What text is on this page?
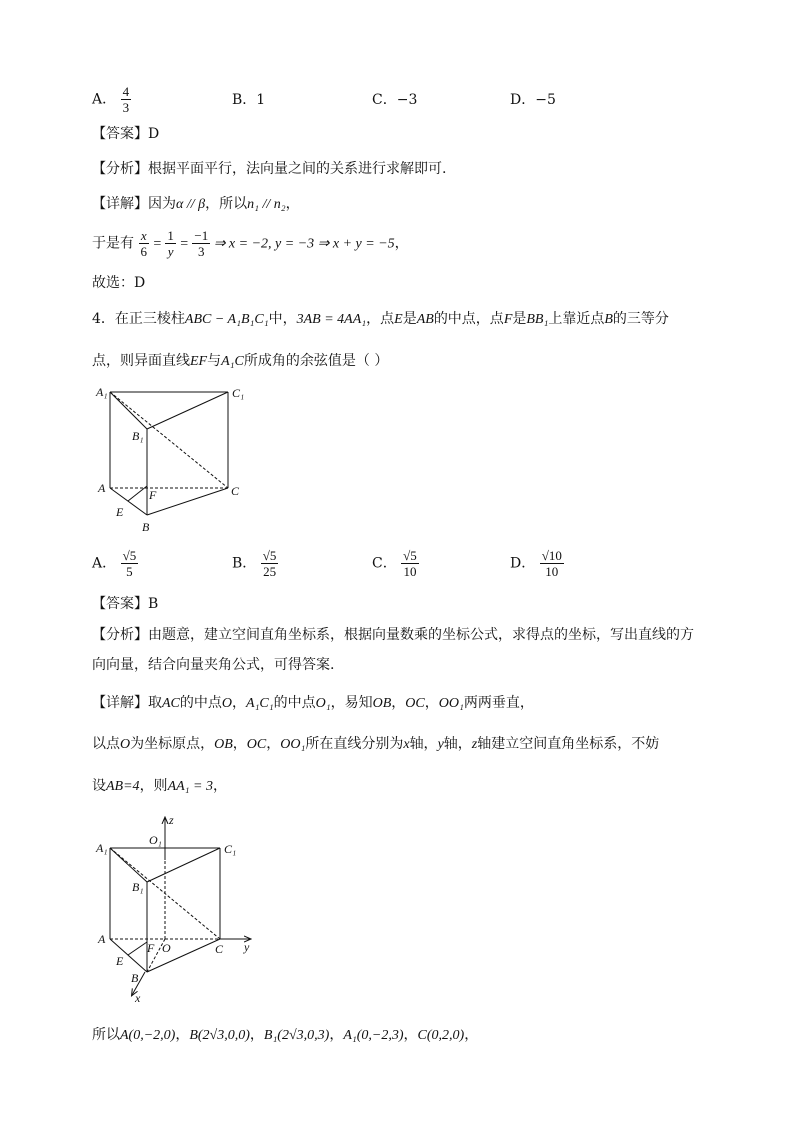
A． $\frac{4}{3}$	B．1	C．−3	D．−5
【答案】D
【分析】根据平面平行，法向量之间的关系进行求解即可.
【详解】因为α // β，所以n₁ // n₂，
于是有 $\frac{x}{6} = \frac{1}{y} = \frac{-1}{3}$ ⇒ x = −2, y = −3 ⇒ x + y = −5，
故选：D
4．在正三棱柱ABC − A₁B₁C₁中，3AB = 4AA₁，点E是AB的中点，点F是BB₁上靠近点B的三等分
点，则异面直线EF与A₁C所成角的余弦值是（ ）
A₁	C₁
B₁
A	F	C
E
B
A． $\frac{√5}{5}$	B． $\frac{√5}{25}$	C． $\frac{√5}{10}$	D． $\frac{√10}{10}$
【答案】B
【分析】由题意，建立空间直角坐标系，根据向量数乘的坐标公式，求得点的坐标，写出直线的方
向向量，结合向量夹角公式，可得答案.
【详解】取AC的中点O，A₁C₁的中点O₁，易知OB，OC，OO₁两两垂直，
以点O为坐标原点，OB，OC，OO₁所在直线分别为x轴，y轴，z轴建立空间直角坐标系，不妨
设AB=4，则AA₁ = 3，
z
O₁
A₁	C₁
B₁
A
F O	C y
E
B
x
所以A(0,−2,0)，B(2√3,0,0)，B₁(2√3,0,3)，A₁(0,−2,3)，C(0,2,0)，
